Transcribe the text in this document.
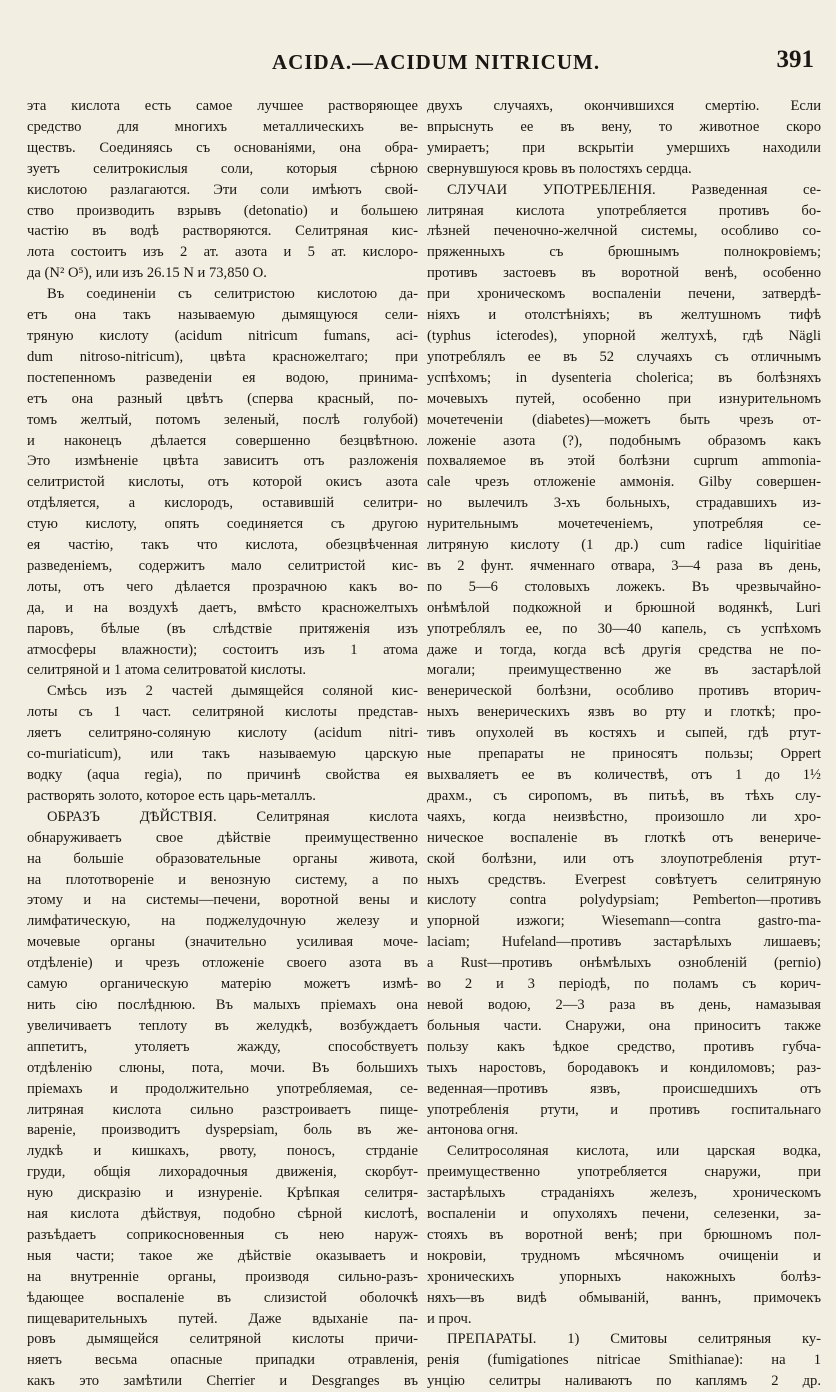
ACIDA.—ACIDUM NITRICUM.	391
эта кислота есть самое лучшее растворяющее
средство для многихъ металлическихъ ве-
ществъ. Соединяясь съ основаніями, она обра-
зуетъ селитрокислыя соли, которыя сѣрною
кислотою разлагаются. Эти соли имѣютъ свой-
ство производить взрывъ (detonatio) и большею
частію въ водѣ растворяются. Селитряная кис-
лота состоитъ изъ 2 ат. азота и 5 ат. кислоро-
да (N² O⁵), или изъ 26.15 N и 73,850 O.
Въ соединеніи съ селитристою кислотою да-
етъ она такъ называемую дымящуюся сели-
тряную кислоту (acidum nitricum fumans, aci-
dum nitroso-nitricum), цвѣта красножелтаго; при
постепенномъ разведеніи ея водою, принима-
етъ она разный цвѣтъ (сперва красный, по-
томъ желтый, потомъ зеленый, послѣ голубой)
и наконецъ дѣлается совершенно безцвѣтною.
Это измѣненіе цвѣта зависитъ отъ разложенія
селитристой кислоты, отъ которой окисъ азота
отдѣляется, а кислородъ, оставившій селитри-
стую кислоту, опять соединяется съ другою
ея частію, такъ что кислота, обезцвѣченная
разведеніемъ, содержитъ мало селитристой кис-
лоты, отъ чего дѣлается прозрачною какъ во-
да, и на воздухѣ даетъ, вмѣсто красножелтыхъ
паровъ, бѣлые (въ слѣдствіе притяженія изъ
атмосферы влажности); состоитъ изъ 1 атома
селитряной и 1 атома селитроватой кислоты.
Смѣсь изъ 2 частей дымящейся соляной кис-
лоты съ 1 част. селитряной кислоты представ-
ляетъ селитряно-соляную кислоту (acidum nitri-
co-muriaticum), или такъ называемую царскую
водку (aqua regia), по причинѣ свойства ея
растворять золото, которое есть царь-металлъ.
ОБРАЗЪ ДѢЙСТВІЯ. Селитряная кислота
обнаруживаетъ свое дѣйствіе преимущественно
на большіе образовательные органы живота,
на плототвореніе и венозную систему, а по
этому и на системы—печени, воротной вены и
лимфатическую, на поджелудочную железу и
мочевые органы (значительно усиливая моче-
отдѣленіе) и чрезъ отложеніе своего азота въ
самую органическую матерію можетъ измѣ-
нить сію послѣднюю. Въ малыхъ пріемахъ она
увеличиваетъ теплоту въ желудкѣ, возбуждаетъ
аппетитъ, утоляетъ жажду, способствуетъ
отдѣленію слюны, пота, мочи. Въ большихъ
пріемахъ и продолжительно употребляемая, се-
литряная кислота сильно разстроиваетъ пище-
вареніе, производитъ dyspepsiam, боль въ же-
лудкѣ и кишкахъ, рвоту, поносъ, стрданіе
груди, общія лихорадочныя движенія, скорбут-
ную дискразію и изнуреніе. Крѣпкая селитря-
ная кислота дѣйствуя, подобно сѣрной кислотѣ,
разъѣдаетъ соприкосновенныя съ нею наруж-
ныя части; такое же дѣйствіе оказываетъ и
на внутренніе органы, производя сильно-разъ-
ѣдающее воспаленіе въ слизистой оболочкѣ
пищеварительныхъ путей. Даже вдыханіе па-
ровъ дымящейся селитряной кислоты причи-
няетъ весьма опасные припадки отравленія,
какъ это замѣтили Cherrier и Desgranges въ
двухъ случаяхъ, окончившихся смертію. Если
впрыснуть ее въ вену, то животное скоро
умираетъ; при вскрытіи умершихъ находили
свернувшуюся кровь въ полостяхъ сердца.
СЛУЧАИ УПОТРЕБЛЕНІЯ. Разведенная се-
литряная кислота употребляется противъ бо-
лѣзней печеночно-желчной системы, особливо со-
пряженныхъ съ брюшнымъ полнокровіемъ;
противъ застоевъ въ воротной венѣ, особенно
при хроническомъ воспаленіи печени, затвердѣ-
ніяхъ и отолстѣніяхъ; въ желтушномъ тифѣ
(typhus icterodes), упорной желтухѣ, гдѣ Nägli
употреблялъ ее въ 52 случаяхъ съ отличнымъ
успѣхомъ; in dysenteria cholerica; въ болѣзняхъ
мочевыхъ путей, особенно при изнурительномъ
мочетеченіи (diabetes)—можетъ быть чрезъ от-
ложеніе азота (?), подобнымъ образомъ какъ
похваляемое въ этой болѣзни cuprum ammonia-
cale чрезъ отложеніе аммонія. Gilby совершен-
но вылечилъ 3-хъ больныхъ, страдавшихъ из-
нурительнымъ мочетеченіемъ, употребляя се-
литряную кислоту (1 др.) cum radice liquiritiae
въ 2 фунт. ячменнаго отвара, 3—4 раза въ день,
по 5—6 столовыхъ ложекъ. Въ чрезвычайно-
онѣмѣлой подкожной и брюшной водянкѣ, Luri
употреблялъ ее, по 30—40 капель, съ успѣхомъ
даже и тогда, когда всѣ другія средства не по-
могали; преимущественно же въ застарѣлой
венерической болѣзни, особливо противъ вторич-
ныхъ венерическихъ язвъ во рту и глоткѣ; про-
тивъ опухолей въ костяхъ и сыпей, гдѣ ртут-
ные препараты не приносятъ пользы; Oppert
выхваляетъ ее въ количествѣ, отъ 1 до 1½
драхм., съ сиропомъ, въ питьѣ, въ тѣхъ слу-
чаяхъ, когда неизвѣстно, произошло ли хро-
ническое воспаленіе въ глоткѣ отъ венериче-
ской болѣзни, или отъ злоупотребленія ртут-
ныхъ средствъ. Everpest совѣтуетъ селитряную
кислоту contra polydypsiam; Pemberton—противъ
упорной изжоги; Wiesemann—contra gastro-ma-
laciam; Hufeland—противъ застарѣлыхъ лишаевъ;
a Rust—противъ онѣмѣлыхъ ознобленій (pernio)
во 2 и 3 періодѣ, по поламъ съ корич-
невой водою, 2—3 раза въ день, намазывая
больныя части. Снаружи, она приноситъ также
пользу какъ ѣдкое средство, противъ губча-
тыхъ наростовъ, бородавокъ и кондиломовъ; раз-
веденная—противъ язвъ, происшедшихъ отъ
употребленія ртути, и противъ госпитальнаго
антонова огня.
Селитросоляная кислота, или царская водка,
преимущественно употребляется снаружи, при
застарѣлыхъ страданіяхъ железъ, хроническомъ
воспаленіи и опухоляхъ печени, селезенки, за-
стояхъ въ воротной венѣ; при брюшномъ пол-
нокровіи, трудномъ мѣсячномъ очищеніи и
хроническихъ упорныхъ накожныхъ болѣз-
няхъ—въ видѣ обмываній, ваннъ, примочекъ
и проч.
ПРЕПАРАТЫ. 1) Смитовы селитряныя ку-
ренія (fumigationes nitricae Smithianae): на 1
унцію селитры наливаютъ по каплямъ 2 др.
